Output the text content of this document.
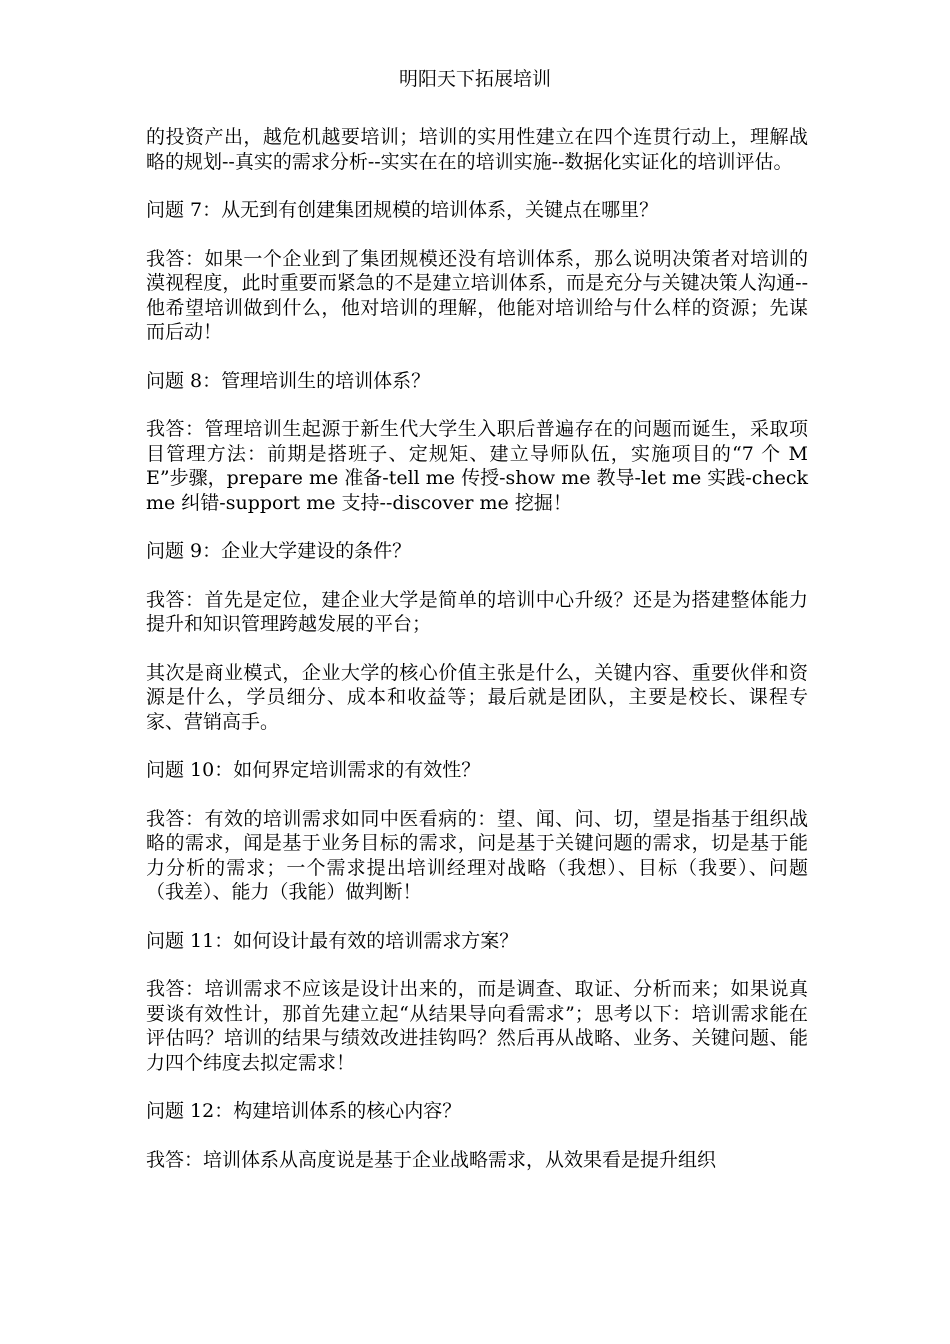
明阳天下拓展培训

的投资产出，越危机越要培训；培训的实用性建立在四个连贯行动上，理解战略的规划--真实的需求分析--实实在在的培训实施--数据化实证化的培训评估。

问题 7：从无到有创建集团规模的培训体系，关键点在哪里？

我答：如果一个企业到了集团规模还没有培训体系，那么说明决策者对培训的漠视程度，此时重要而紧急的不是建立培训体系，而是充分与关键决策人沟通--他希望培训做到什么，他对培训的理解，他能对培训给与什么样的资源；先谋而后动！

问题 8：管理培训生的培训体系？

我答：管理培训生起源于新生代大学生入职后普遍存在的问题而诞生，采取项目管理方法：前期是搭班子、定规矩、建立导师队伍，实施项目的“7 个 ME”步骤，prepare me 准备-tell me 传授-show me 教导-let me 实践-check me 纠错-support me 支持--discover me 挖掘！

问题 9：企业大学建设的条件？

我答：首先是定位，建企业大学是简单的培训中心升级？还是为搭建整体能力提升和知识管理跨越发展的平台；

其次是商业模式，企业大学的核心价值主张是什么，关键内容、重要伙伴和资源是什么，学员细分、成本和收益等；最后就是团队，主要是校长、课程专家、营销高手。

问题 10：如何界定培训需求的有效性？

我答：有效的培训需求如同中医看病的：望、闻、问、切，望是指基于组织战略的需求，闻是基于业务目标的需求，问是基于关键问题的需求，切是基于能力分析的需求；一个需求提出培训经理对战略（我想）、目标（我要）、问题（我差）、能力（我能）做判断！

问题 11：如何设计最有效的培训需求方案？

我答：培训需求不应该是设计出来的，而是调查、取证、分析而来；如果说真要谈有效性计，那首先建立起“从结果导向看需求”；思考以下：培训需求能在评估吗？培训的结果与绩效改进挂钩吗？然后再从战略、业务、关键问题、能力四个纬度去拟定需求！

问题 12：构建培训体系的核心内容？

我答：培训体系从高度说是基于企业战略需求，从效果看是提升组织
